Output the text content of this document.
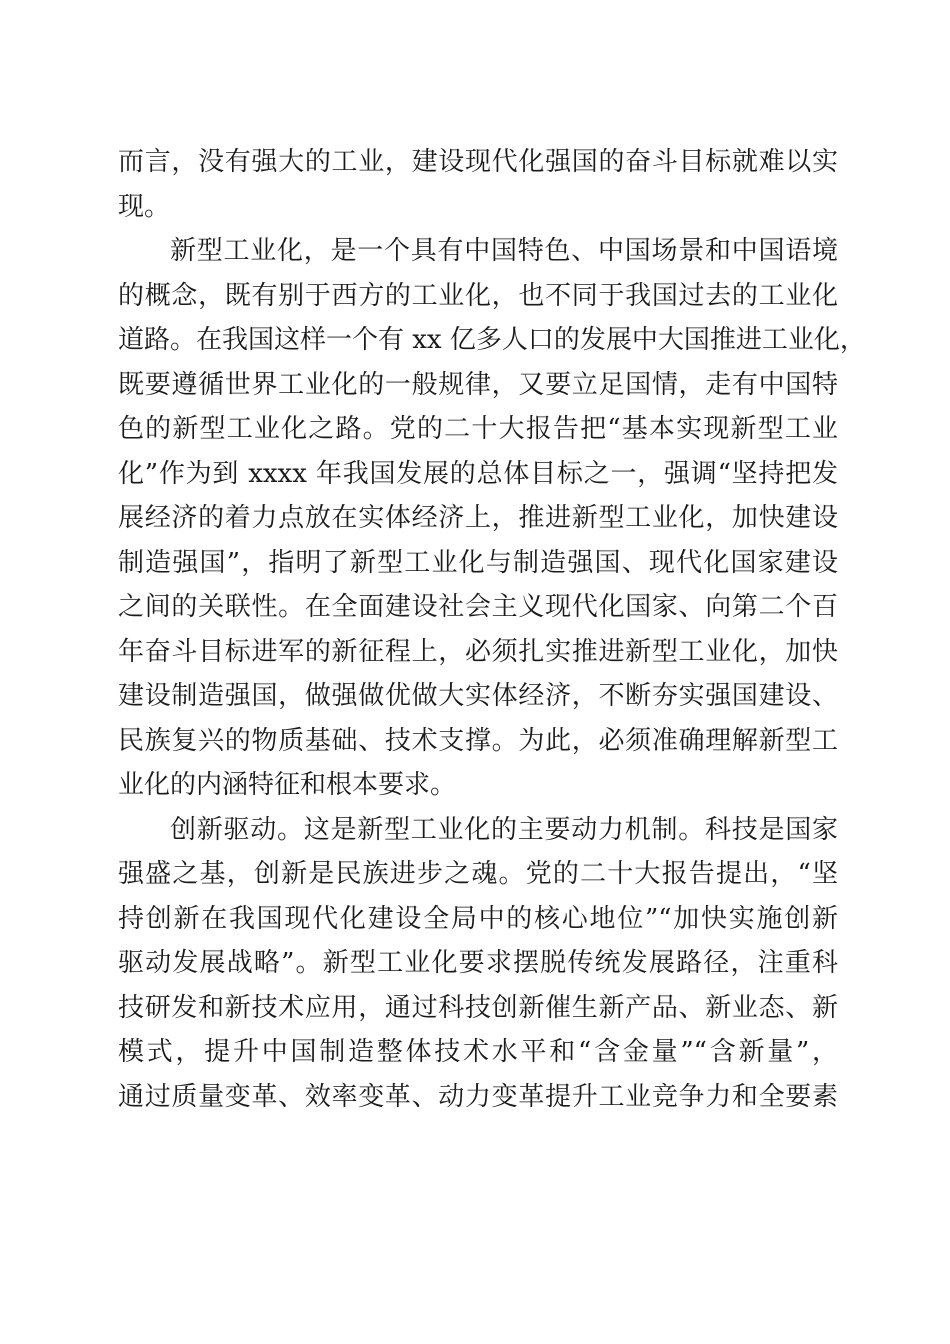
而言，没有强大的工业，建设现代化强国的奋斗目标就难以实
现。
新型工业化，是一个具有中国特色、中国场景和中国语境
的概念，既有别于西方的工业化，也不同于我国过去的工业化
道路。在我国这样一个有 xx 亿多人口的发展中大国推进工业化，
既要遵循世界工业化的一般规律，又要立足国情，走有中国特
色的新型工业化之路。党的二十大报告把“基本实现新型工业
化”作为到 xxxx 年我国发展的总体目标之一，强调“坚持把发
展经济的着力点放在实体经济上，推进新型工业化，加快建设
制造强国”，指明了新型工业化与制造强国、现代化国家建设
之间的关联性。在全面建设社会主义现代化国家、向第二个百
年奋斗目标进军的新征程上，必须扎实推进新型工业化，加快
建设制造强国，做强做优做大实体经济，不断夯实强国建设、
民族复兴的物质基础、技术支撑。为此，必须准确理解新型工
业化的内涵特征和根本要求。
创新驱动。这是新型工业化的主要动力机制。科技是国家
强盛之基，创新是民族进步之魂。党的二十大报告提出，“坚
持创新在我国现代化建设全局中的核心地位”“加快实施创新
驱动发展战略”。新型工业化要求摆脱传统发展路径，注重科
技研发和新技术应用，通过科技创新催生新产品、新业态、新
模式，提升中国制造整体技术水平和“含金量”“含新量”，
通过质量变革、效率变革、动力变革提升工业竞争力和全要素
